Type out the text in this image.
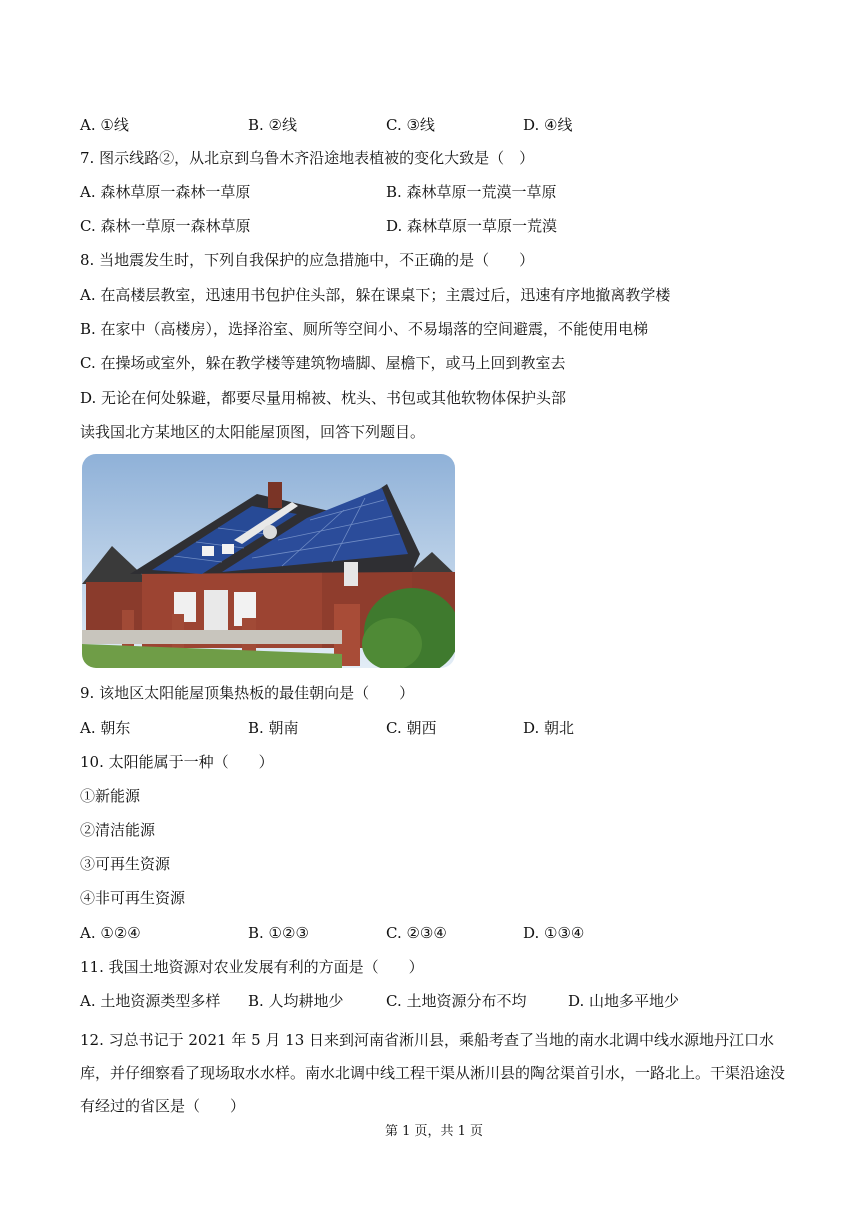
A. ①线	B. ②线	C. ③线	D. ④线
7. 图示线路②，从北京到乌鲁木齐沿途地表植被的变化大致是（　）
A. 森林草原一森林一草原	B. 森林草原一荒漠一草原
C. 森林一草原一森林草原	D. 森林草原一草原一荒漠
8. 当地震发生时，下列自我保护的应急措施中，不正确的是（　　）
A. 在高楼层教室，迅速用书包护住头部，躲在课桌下；主震过后，迅速有序地撤离教学楼
B. 在家中（高楼房），选择浴室、厕所等空间小、不易塌落的空间避震，不能使用电梯
C. 在操场或室外，躲在教学楼等建筑物墙脚、屋檐下，或马上回到教室去
D. 无论在何处躲避，都要尽量用棉被、枕头、书包或其他软物体保护头部
读我国北方某地区的太阳能屋顶图，回答下列题目。
9. 该地区太阳能屋顶集热板的最佳朝向是（　　）
A. 朝东	B. 朝南	C. 朝西	D. 朝北
10. 太阳能属于一种（　　）
①新能源
②清洁能源
③可再生资源
④非可再生资源
A. ①②④	B. ①②③	C. ②③④	D. ①③④
11. 我国土地资源对农业发展有利的方面是（　　）
A. 土地资源类型多样 B. 人均耕地少	C. 土地资源分布不均	D. 山地多平地少
12. 习总书记于 2021 年 5 月 13 日来到河南省淅川县，乘船考查了当地的南水北调中线水源地丹江口水库，并仔细察看了现场取水水样。南水北调中线工程干渠从淅川县的陶岔渠首引水，一路北上。干渠沿途没有经过的省区是（　　）
第 1 页，共 1 页
